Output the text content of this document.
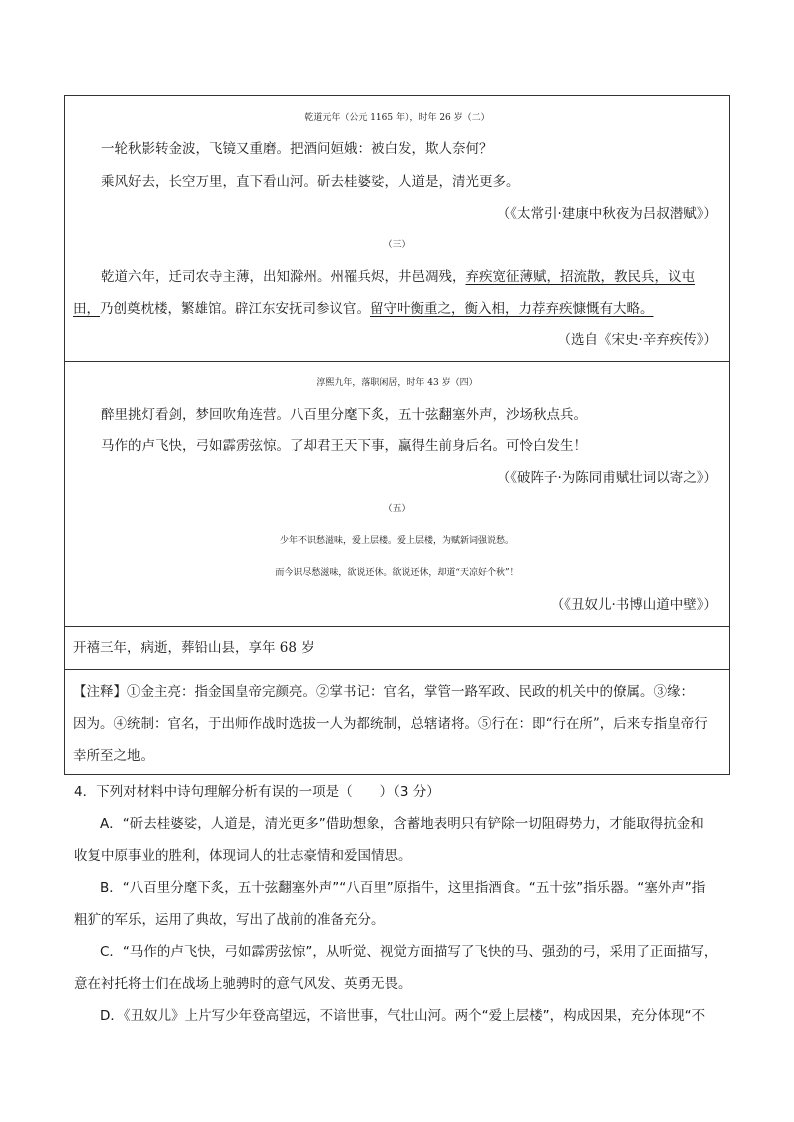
乾道元年（公元 1165 年），时年 26 岁（二）
一轮秋影转金波，飞镜又重磨。把酒问姮娥：被白发，欺人奈何？
乘风好去，长空万里，直下看山河。斫去桂婆娑，人道是，清光更多。
（《太常引·建康中秋夜为吕叔潜赋》）
（三）
乾道六年，迁司农寺主薄，出知滁州。州罹兵烬，井邑凋残，弃疾宽征薄赋，招流散，教民兵，议屯
田，乃创奠枕楼，繁雄馆。辟江东安抚司参议官。留守叶衡重之，衡入相，力荐弃疾慷慨有大略。
（选自《宋史·辛弃疾传》）
淳熙九年，落职闲居，时年 43 岁（四）
醉里挑灯看剑，梦回吹角连营。八百里分麾下炙，五十弦翻塞外声，沙场秋点兵。
马作的卢飞快，弓如霹雳弦惊。了却君王天下事，赢得生前身后名。可怜白发生！
（《破阵子·为陈同甫赋壮词以寄之》）
（五）
少年不识愁滋味，爱上层楼。爱上层楼，为赋新词强说愁。
而今识尽愁滋味，欲说还休。欲说还休，却道“天凉好个秋”！
（《丑奴儿·书博山道中壁》）
开禧三年，病逝，葬铅山县，享年 68 岁
【注释】①金主亮：指金国皇帝完颜亮。②掌书记：官名，掌管一路军政、民政的机关中的僚属。③缘：
因为。④统制：官名，于出师作战时选拔一人为都统制，总辖诸将。⑤行在：即“行在所”，后来专指皇帝行
幸所至之地。
4．下列对材料中诗句理解分析有误的一项是（　　）（3 分）
A．“斫去桂婆娑，人道是，清光更多”借助想象，含蓄地表明只有铲除一切阻碍势力，才能取得抗金和
收复中原事业的胜利，体现词人的壮志豪情和爱国情思。
B．“八百里分麾下炙，五十弦翻塞外声”“八百里”原指牛，这里指酒食。“五十弦”指乐器。“塞外声”指
粗犷的军乐，运用了典故，写出了战前的准备充分。
C．“马作的卢飞快，弓如霹雳弦惊”，从听觉、视觉方面描写了飞快的马、强劲的弓，采用了正面描写，
意在衬托将士们在战场上驰骋时的意气风发、英勇无畏。
D．《丑奴儿》上片写少年登高望远，不谙世事，气壮山河。两个“爱上层楼”，构成因果，充分体现“不
